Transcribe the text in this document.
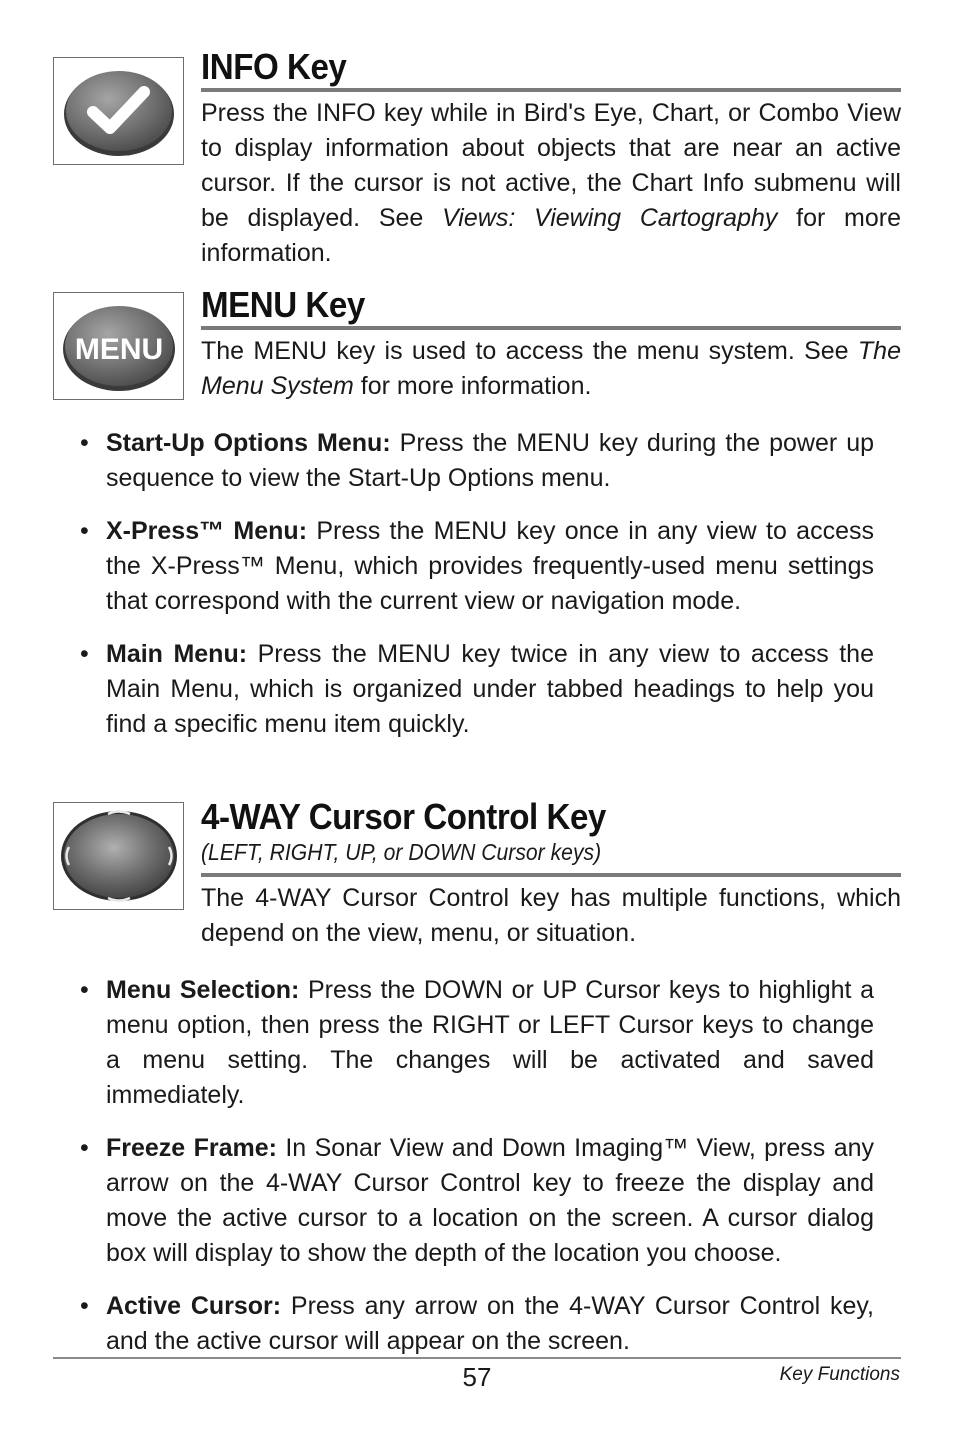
INFO Key

Press the INFO key while in Bird's Eye, Chart, or Combo View to display information about objects that are near an active cursor. If the cursor is not active, the Chart Info submenu will be displayed. See Views: Viewing Cartography for more information.

MENU
MENU Key

The MENU key is used to access the menu system. See The Menu System for more information.

• Start-Up Options Menu: Press the MENU key during the power up sequence to view the Start-Up Options menu.
• X-Press™ Menu: Press the MENU key once in any view to access the X-Press™ Menu, which provides frequently-used menu settings that correspond with the current view or navigation mode.
• Main Menu: Press the MENU key twice in any view to access the Main Menu, which is organized under tabbed headings to help you find a specific menu item quickly.
4-WAY Cursor Control Key
(LEFT, RIGHT, UP, or DOWN Cursor keys)

The 4-WAY Cursor Control key has multiple functions, which depend on the view, menu, or situation.

• Menu Selection: Press the DOWN or UP Cursor keys to highlight a menu option, then press the RIGHT or LEFT Cursor keys to change a menu setting. The changes will be activated and saved immediately.
• Freeze Frame: In Sonar View and Down Imaging™ View, press any arrow on the 4-WAY Cursor Control key to freeze the display and move the active cursor to a location on the screen. A cursor dialog box will display to show the depth of the location you choose.
• Active Cursor: Press any arrow on the 4-WAY Cursor Control key, and the active cursor will appear on the screen.
57	Key Functions
